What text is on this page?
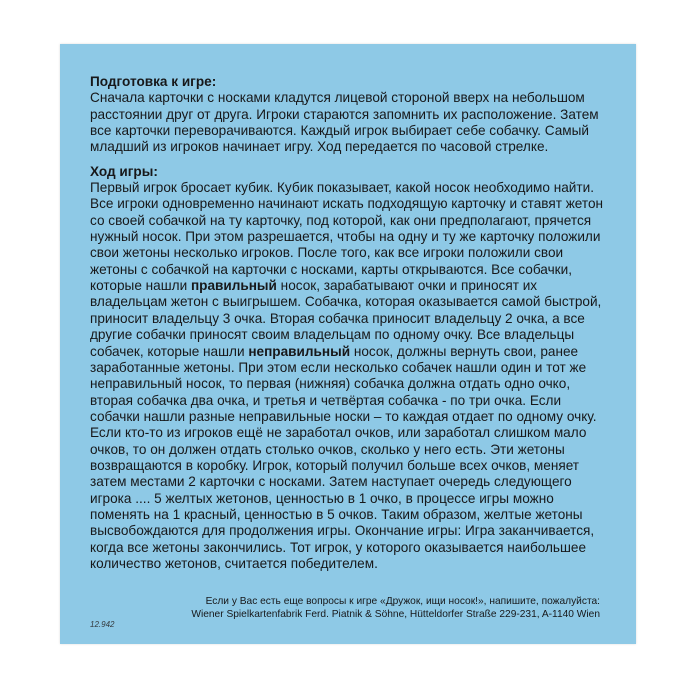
Подготовка к игре:

Сначала карточки с носками кладутся лицевой стороной вверх на небольшом расстоянии друг от друга. Игроки стараются запомнить их расположение. Затем все карточки переворачиваются. Каждый игрок выбирает себе собачку. Самый младший из игроков начинает игру. Ход передается по часовой стрелке.

Ход игры:

Первый игрок бросает кубик. Кубик показывает, какой носок необходимо найти. Все игроки одновременно начинают искать подходящую карточку и ставят жетон со своей собачкой на ту карточку, под которой, как они предполагают, прячется нужный носок. При этом разрешается, чтобы на одну и ту же карточку положили свои жетоны несколько игроков. После того, как все игроки положили свои жетоны с собачкой на карточки с носками, карты открываются. Все собачки, которые нашли правильный носок, зарабатывают очки и приносят их владельцам жетон с выигрышем. Собачка, которая оказывается самой быстрой, приносит владельцу 3 очка. Вторая собачка приносит владельцу 2 очка, а все другие собачки приносят своим владельцам по одному очку. Все владельцы собачек, которые нашли неправильный носок, должны вернуть свои, ранее заработанные жетоны. При этом если несколько собачек нашли один и тот же неправильный носок, то первая (нижняя) собачка должна отдать одно очко, вторая собачка два очка, и третья и четвёртая собачка - по три очка. Если собачки нашли разные неправильные носки – то каждая отдает по одному очку. Если кто-то из игроков ещё не заработал очков, или заработал слишком мало очков, то он должен отдать столько очков, сколько у него есть. Эти жетоны возвращаются в коробку. Игрок, который получил больше всех очков, меняет затем местами 2 карточки с носками. Затем наступает очередь следующего игрока .... 5 желтых жетонов, ценностью в 1 очко, в процессе игры можно поменять на 1 красный, ценностью в 5 очков. Таким образом, желтые жетоны высвобождаются для продолжения игры. Окончание игры: Игра заканчивается, когда все жетоны закончились. Тот игрок, у которого оказывается наибольшее количество жетонов, считается победителем.

Если у Вас есть еще вопросы к игре «Дружок, ищи носок!», напишите, пожалуйста:
Wiener Spielkartenfabrik Ferd. Piatnik & Söhne, Hütteldorfer Straße 229-231, A-1140 Wien
12.942
